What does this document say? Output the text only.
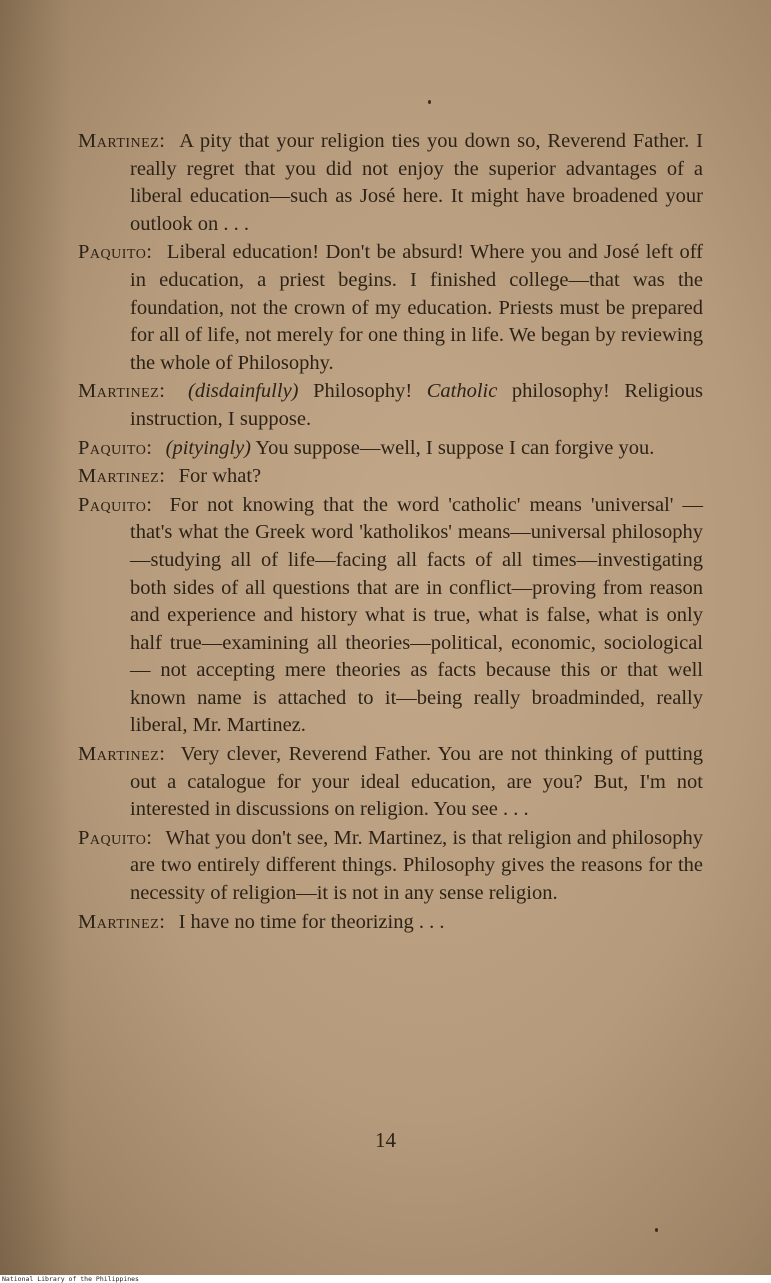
Martinez: A pity that your religion ties you down so, Reverend Father. I really regret that you did not enjoy the superior advantages of a liberal education—such as José here. It might have broadened your outlook on . . .

Paquito: Liberal education! Don't be absurd! Where you and José left off in education, a priest begins. I finished college—that was the foundation, not the crown of my education. Priests must be prepared for all of life, not merely for one thing in life. We began by reviewing the whole of Philosophy.

Martinez: (disdainfully) Philosophy! Catholic philosophy! Religious instruction, I suppose.

Paquito: (pityingly) You suppose—well, I suppose I can forgive you.

Martinez: For what?

Paquito: For not knowing that the word 'catholic' means 'universal' — that's what the Greek word 'katholikos' means—universal philosophy—studying all of life—facing all facts of all times—investigating both sides of all questions that are in conflict—proving from reason and experience and history what is true, what is false, what is only half true—examining all theories—political, economic, sociological — not accepting mere theories as facts because this or that well known name is attached to it—being really broadminded, really liberal, Mr. Martinez.

Martinez: Very clever, Reverend Father. You are not thinking of putting out a catalogue for your ideal education, are you? But, I'm not interested in discussions on religion. You see . . .

Paquito: What you don't see, Mr. Martinez, is that religion and philosophy are two entirely different things. Philosophy gives the reasons for the necessity of religion—it is not in any sense religion.

Martinez: I have no time for theorizing . . .

14
National Library of the Philippines
